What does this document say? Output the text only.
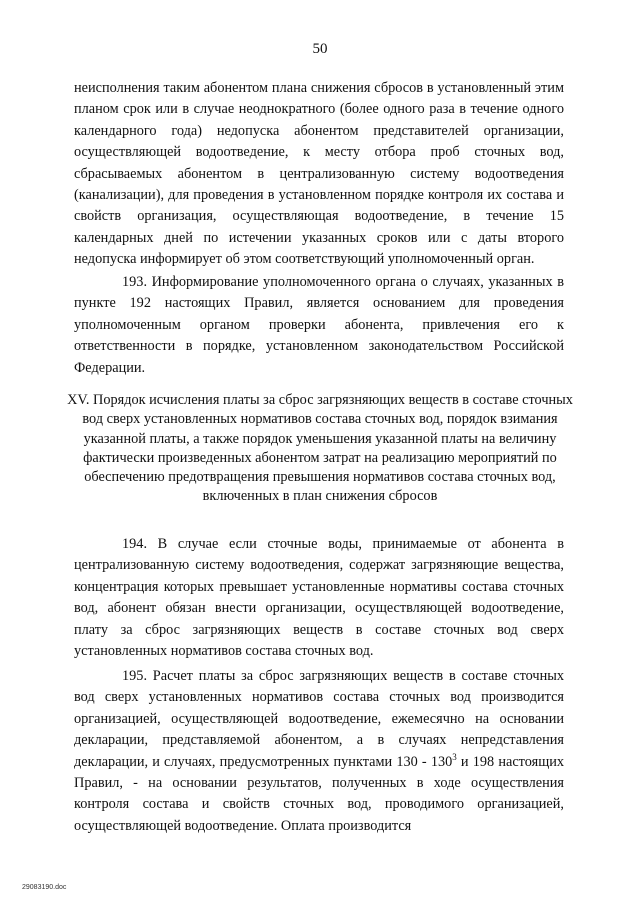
50

неисполнения таким абонентом плана снижения сбросов в установленный этим планом срок или в случае неоднократного (более одного раза в течение одного календарного года) недопуска абонентом представителей организации, осуществляющей водоотведение, к месту отбора проб сточных вод, сбрасываемых абонентом в централизованную систему водоотведения (канализации), для проведения в установленном порядке контроля их состава и свойств организация, осуществляющая водоотведение, в течение 15 календарных дней по истечении указанных сроков или с даты второго недопуска информирует об этом соответствующий уполномоченный орган.

193. Информирование уполномоченного органа о случаях, указанных в пункте 192 настоящих Правил, является основанием для проведения уполномоченным органом проверки абонента, привлечения его к ответственности в порядке, установленном законодательством Российской Федерации.

XV. Порядок исчисления платы за сброс загрязняющих веществ в составе сточных вод сверх установленных нормативов состава сточных вод, порядок взимания указанной платы, а также порядок уменьшения указанной платы на величину фактически произведенных абонентом затрат на реализацию мероприятий по обеспечению предотвращения превышения нормативов состава сточных вод, включенных в план снижения сбросов

194. В случае если сточные воды, принимаемые от абонента в централизованную систему водоотведения, содержат загрязняющие вещества, концентрация которых превышает установленные нормативы состава сточных вод, абонент обязан внести организации, осуществляющей водоотведение, плату за сброс загрязняющих веществ в составе сточных вод сверх установленных нормативов состава сточных вод.

195. Расчет платы за сброс загрязняющих веществ в составе сточных вод сверх установленных нормативов состава сточных вод производится организацией, осуществляющей водоотведение, ежемесячно на основании декларации, представляемой абонентом, а в случаях непредставления декларации, и случаях, предусмотренных пунктами $130 - 130^3$ и 198 настоящих Правил, - на основании результатов, полученных в ходе осуществления контроля состава и свойств сточных вод, проводимого организацией, осуществляющей водоотведение. Оплата производится

29083190.doc
